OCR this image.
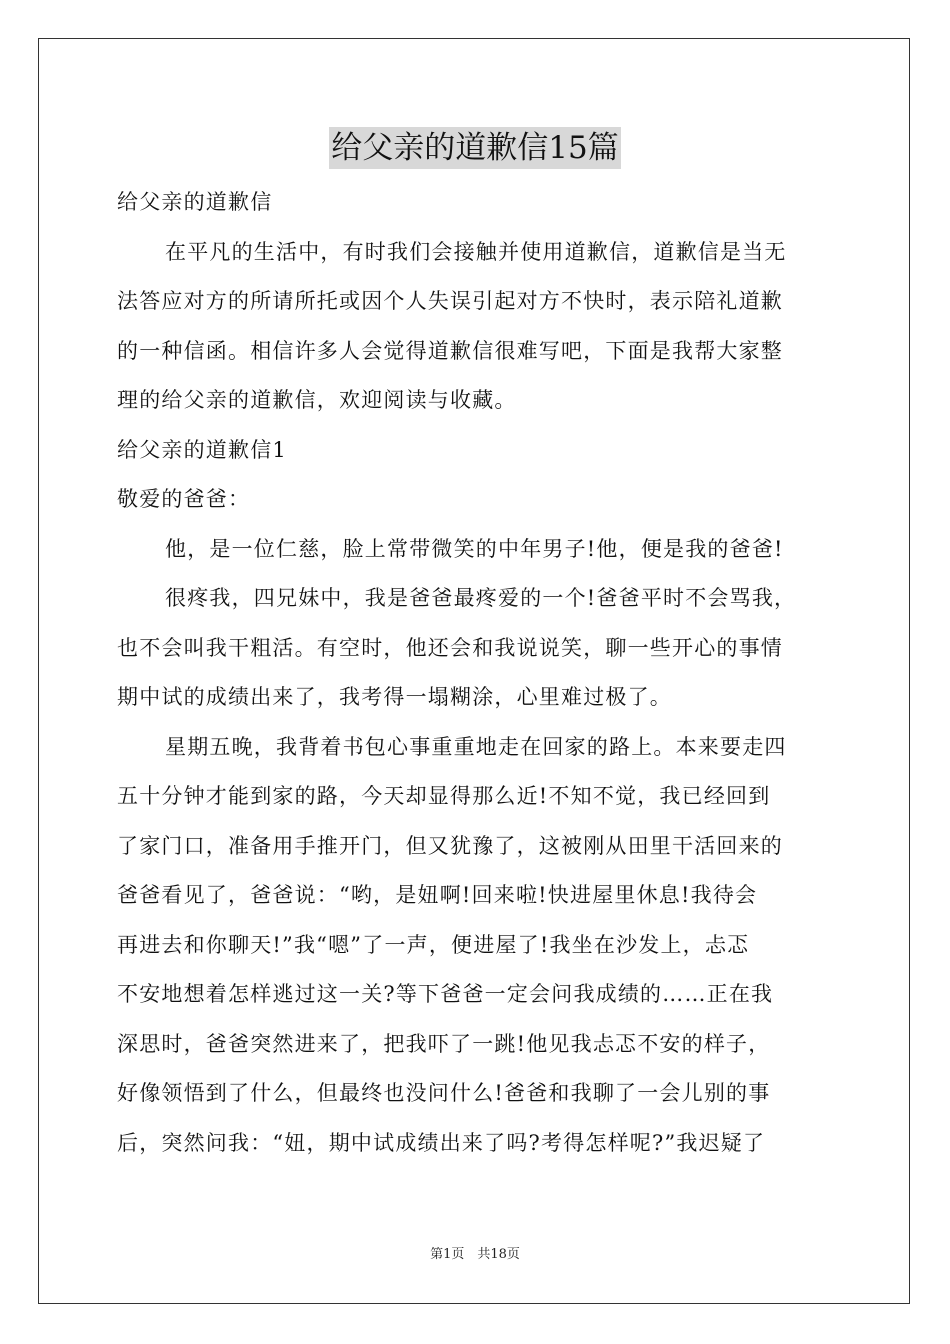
给父亲的道歉信15篇
给父亲的道歉信
在平凡的生活中，有时我们会接触并使用道歉信，道歉信是当无
法答应对方的所请所托或因个人失误引起对方不快时，表示陪礼道歉
的一种信函。相信许多人会觉得道歉信很难写吧，下面是我帮大家整
理的给父亲的道歉信，欢迎阅读与收藏。
给父亲的道歉信1
敬爱的爸爸：
他，是一位仁慈，脸上常带微笑的中年男子!他，便是我的爸爸!
很疼我，四兄妹中，我是爸爸最疼爱的一个!爸爸平时不会骂我，
也不会叫我干粗活。有空时，他还会和我说说笑，聊一些开心的事情
期中试的成绩出来了，我考得一塌糊涂，心里难过极了。
星期五晚，我背着书包心事重重地走在回家的路上。本来要走四
五十分钟才能到家的路，今天却显得那么近!不知不觉，我已经回到
了家门口，准备用手推开门，但又犹豫了，这被刚从田里干活回来的
爸爸看见了，爸爸说：“哟，是妞啊!回来啦!快进屋里休息!我待会
再进去和你聊天!”我“嗯”了一声，便进屋了!我坐在沙发上，忐忑
不安地想着怎样逃过这一关?等下爸爸一定会问我成绩的……正在我
深思时，爸爸突然进来了，把我吓了一跳!他见我忐忑不安的样子，
好像领悟到了什么，但最终也没问什么!爸爸和我聊了一会儿别的事
后，突然问我：“妞，期中试成绩出来了吗?考得怎样呢?”我迟疑了
第1页　共18页
